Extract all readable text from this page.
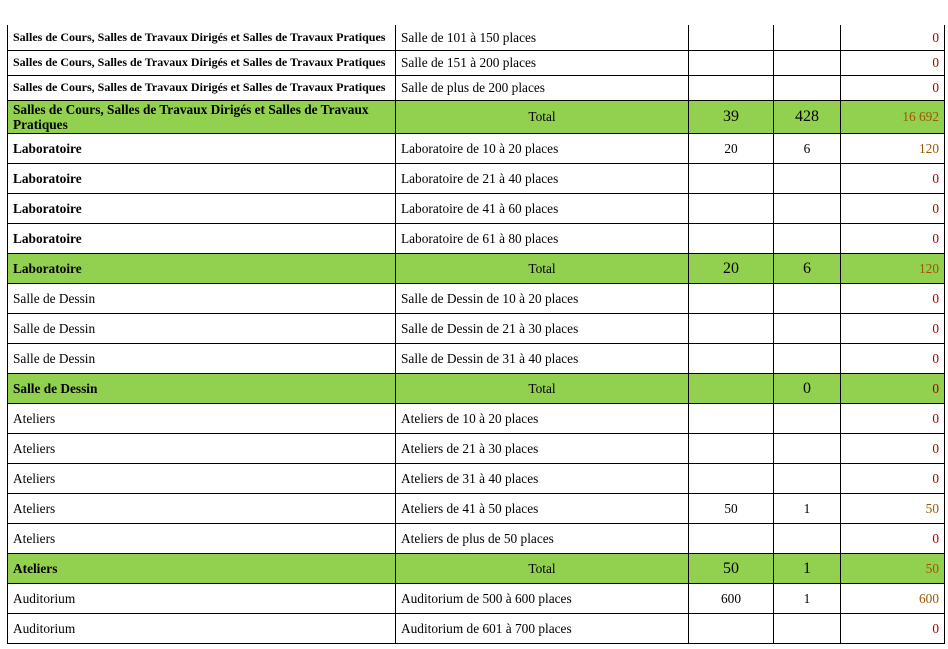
Salles de Cours, Salles de Travaux Dirigés et Salles de Travaux Pratiques	Salle de 101 à 150 places			0
Salles de Cours, Salles de Travaux Dirigés et Salles de Travaux Pratiques	Salle de 151 à 200 places			0
Salles de Cours, Salles de Travaux Dirigés et Salles de Travaux Pratiques	Salle de plus de 200 places			0
Salles de Cours, Salles de Travaux Dirigés et Salles de Travaux Pratiques	Total	39	428	16 692
Laboratoire	Laboratoire de 10 à 20 places	20	6	120
Laboratoire	Laboratoire de 21 à 40 places			0
Laboratoire	Laboratoire de 41 à 60 places			0
Laboratoire	Laboratoire de 61 à 80 places			0
Laboratoire	Total	20	6	120
Salle de Dessin	Salle de Dessin de 10 à 20 places			0
Salle de Dessin	Salle de Dessin de 21 à 30 places			0
Salle de Dessin	Salle de Dessin de 31 à 40 places			0
Salle de Dessin	Total		0	0
Ateliers	Ateliers de 10 à 20 places			0
Ateliers	Ateliers de 21 à 30 places			0
Ateliers	Ateliers de 31 à 40 places			0
Ateliers	Ateliers de 41 à 50 places	50	1	50
Ateliers	Ateliers de plus de 50 places			0
Ateliers	Total	50	1	50
Auditorium	Auditorium de 500 à 600 places	600	1	600
Auditorium	Auditorium de 601 à 700 places			0
